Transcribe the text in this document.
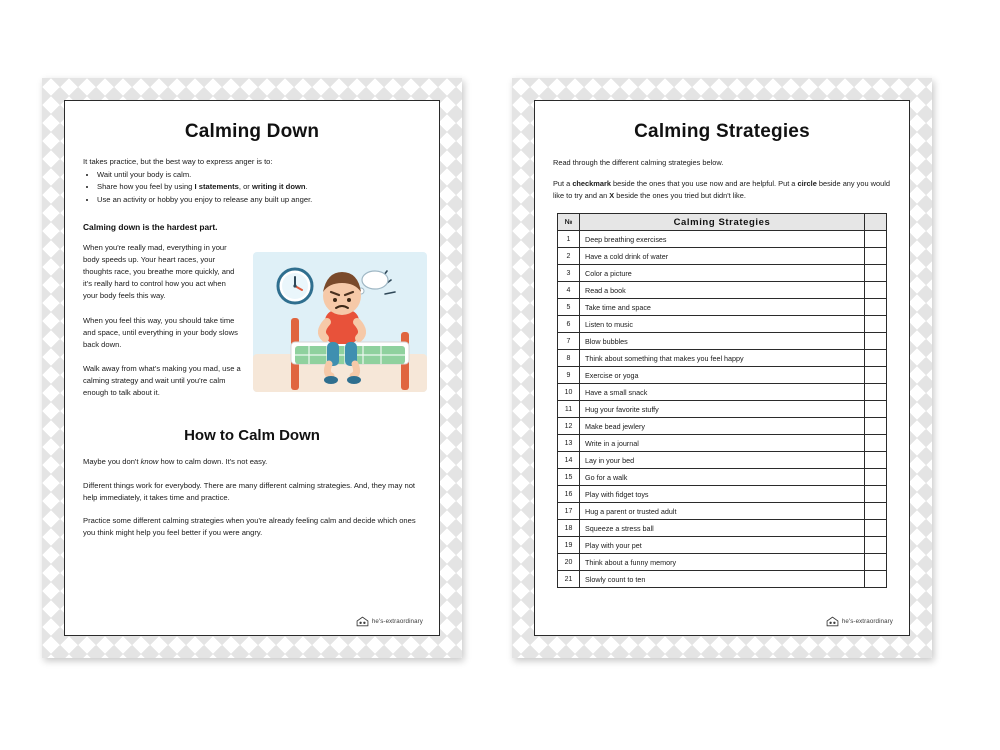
Calming Down

It takes practice, but the best way to express anger is to:

• Wait until your body is calm.
• Share how you feel by using I statements, or writing it down.
• Use an activity or hobby you enjoy to release any built up anger.
Calming down is the hardest part.

When you're really mad, everything in your body speeds up. Your heart races, your thoughts race, you breathe more quickly, and it's really hard to control how you act when your body feels this way.

When you feel this way, you should take time and space, until everything in your body slows back down.

Walk away from what's making you mad, use a calming strategy and wait until you're calm enough to talk about it.

How to Calm Down

Maybe you don't know how to calm down. It's not easy.

Different things work for everybody. There are many different calming strategies. And, they may not help immediately, it takes time and practice.

Practice some different calming strategies when you're already feeling calm and decide which ones you think might help you feel better if you were angry.

he's-extraordinary
Calming Strategies

Read through the different calming strategies below.

Put a checkmark beside the ones that you use now and are helpful. Put a circle beside any you would like to try and an X beside the ones you tried but didn't like.

№	Calming Strategies	
1	Deep breathing exercises	
2	Have a cold drink of water	
3	Color a picture	
4	Read a book	
5	Take time and space	
6	Listen to music	
7	Blow bubbles	
8	Think about something that makes you feel happy	
9	Exercise or yoga	
10	Have a small snack	
11	Hug your favorite stuffy	
12	Make bead jewlery	
13	Write in a journal	
14	Lay in your bed	
15	Go for a walk	
16	Play with fidget toys	
17	Hug a parent or trusted adult	
18	Squeeze a stress ball	
19	Play with your pet	
20	Think about a funny memory	
21	Slowly count to ten	
he's-extraordinary
